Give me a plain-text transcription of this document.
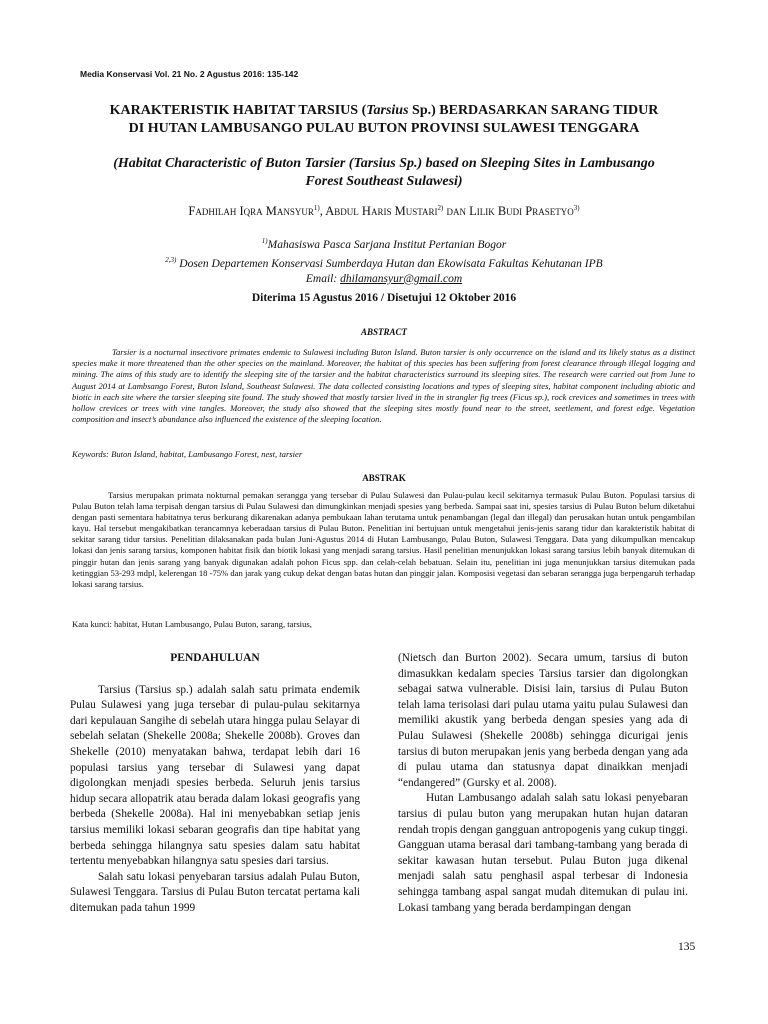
Media Konservasi Vol. 21 No. 2 Agustus 2016: 135-142
KARAKTERISTIK HABITAT TARSIUS (Tarsius Sp.) BERDASARKAN SARANG TIDUR
DI HUTAN LAMBUSANGO PULAU BUTON PROVINSI SULAWESI TENGGARA
(Habitat Characteristic of Buton Tarsier (Tarsius Sp.) based on Sleeping Sites in Lambusango
Forest Southeast Sulawesi)
Fadhilah Iqra Mansyur$^{1)}$, Abdul Haris Mustari$^{2)}$ dan Lilik Budi Prasetyo$^{3)}$
$^{1)}$Mahasiswa Pasca Sarjana Institut Pertanian Bogor
$^{2,3)}$ Dosen Departemen Konservasi Sumberdaya Hutan dan Ekowisata Fakultas Kehutanan IPB
Email: dhilamansyur@gmail.com
Diterima 15 Agustus 2016 / Disetujui 12 Oktober 2016
ABSTRACT

Tarsier is a nocturnal insectivore primates endemic to Sulawesi including Buton Island. Buton tarsier is only occurrence on the island and its likely status as a distinct species make it more threatened than the other species on the mainland. Moreover, the habitat of this species has been suffering from forest clearance through illegal logging and mining. The aims of this study are to identify the sleeping site of the tarsier and the habitat characteristics surround its sleeping sites. The research were carried out from June to August 2014 at Lambsango Forest, Buton Island, Southeast Sulawesi. The data collected consisting locations and types of sleeping sites, habitat component including abiotic and biotic in each site where the tarsier sleeping site found. The study showed that mostly tarsier lived in the in strangler fig trees (Ficus sp.), rock crevices and sometimes in trees with hollow crevices or trees with vine tangles. Moreover, the study also showed that the sleeping sites mostly found near to the street, seetlement, and forest edge. Vegetation composition and insect’s abundance also influenced the existence of the sleeping location.

Keywords: Buton Island, habitat, Lambusango Forest, nest, tarsier
ABSTRAK

Tarsius merupakan primata nokturnal pemakan serangga yang tersebar di Pulau Sulawesi dan Pulau-pulau kecil sekitarnya termasuk Pulau Buton. Populasi tarsius di Pulau Buton telah lama terpisah dengan tarsius di Pulau Sulawesi dan dimungkinkan menjadi spesies yang berbeda. Sampai saat ini, spesies tarsius di Pulau Buton belum diketahui dengan pasti sementara habitatnya terus berkurang dikarenakan adanya pembukaan lahan terutama untuk penambangan (legal dan illegal) dan perusakan hutan untuk pengambilan kayu. Hal tersebut mengakibatkan terancamnya keberadaan tarsius di Pulau Buton. Penelitian ini bertujuan untuk mengetahui jenis-jenis sarang tidur dan karakteristik habitat di sekitar sarang tidur tarsius. Penelitian dilaksanakan pada bulan Juni-Agustus 2014 di Hutan Lambusango, Pulau Buton, Sulawesi Tenggara. Data yang dikumpulkan mencakup lokasi dan jenis sarang tarsius, komponen habitat fisik dan biotik lokasi yang menjadi sarang tarsius. Hasil penelitian menunjukkan lokasi sarang tarsius lebih banyak ditemukan di pinggir hutan dan jenis sarang yang banyak digunakan adalah pohon Ficus spp. dan celah-celah bebatuan. Selain itu, penelitian ini juga menunjukkan tarsius ditemukan pada ketinggian 53-293 mdpl, kelerengan 18 -75% dan jarak yang cukup dekat dengan batas hutan dan pinggir jalan. Komposisi vegetasi dan sebaran serangga juga berpengaruh terhadap lokasi sarang tarsius.

Kata kunci: habitat, Hutan Lambusango, Pulau Buton, sarang, tarsius,
PENDAHULUAN

Tarsius (Tarsius sp.) adalah salah satu primata endemik Pulau Sulawesi yang juga tersebar di pulau-pulau sekitarnya dari kepulauan Sangihe di sebelah utara hingga pulau Selayar di sebelah selatan (Shekelle 2008a; Shekelle 2008b). Groves dan Shekelle (2010) menyatakan bahwa, terdapat lebih dari 16 populasi tarsius yang tersebar di Sulawesi yang dapat digolongkan menjadi spesies berbeda. Seluruh jenis tarsius hidup secara allopatrik atau berada dalam lokasi geografis yang berbeda (Shekelle 2008a). Hal ini menyebabkan setiap jenis tarsius memiliki lokasi sebaran geografis dan tipe habitat yang berbeda sehingga hilangnya satu spesies dalam satu habitat tertentu menyebabkan hilangnya satu spesies dari tarsius.

Salah satu lokasi penyebaran tarsius adalah Pulau Buton, Sulawesi Tenggara. Tarsius di Pulau Buton tercatat pertama kali ditemukan pada tahun 1999

(Nietsch dan Burton 2002). Secara umum, tarsius di buton dimasukkan kedalam species Tarsius tarsier dan digolongkan sebagai satwa vulnerable. Disisi lain, tarsius di Pulau Buton telah lama terisolasi dari pulau utama yaitu pulau Sulawesi dan memiliki akustik yang berbeda dengan spesies yang ada di Pulau Sulawesi (Shekelle 2008b) sehingga dicurigai jenis tarsius di buton merupakan jenis yang berbeda dengan yang ada di pulau utama dan statusnya dapat dinaikkan menjadi “endangered” (Gursky et al. 2008).

Hutan Lambusango adalah salah satu lokasi penyebaran tarsius di pulau buton yang merupakan hutan hujan dataran rendah tropis dengan gangguan antropogenis yang cukup tinggi. Gangguan utama berasal dari tambang-tambang yang berada di sekitar kawasan hutan tersebut. Pulau Buton juga dikenal menjadi salah satu penghasil aspal terbesar di Indonesia sehingga tambang aspal sangat mudah ditemukan di pulau ini. Lokasi tambang yang berada berdampingan dengan

135
